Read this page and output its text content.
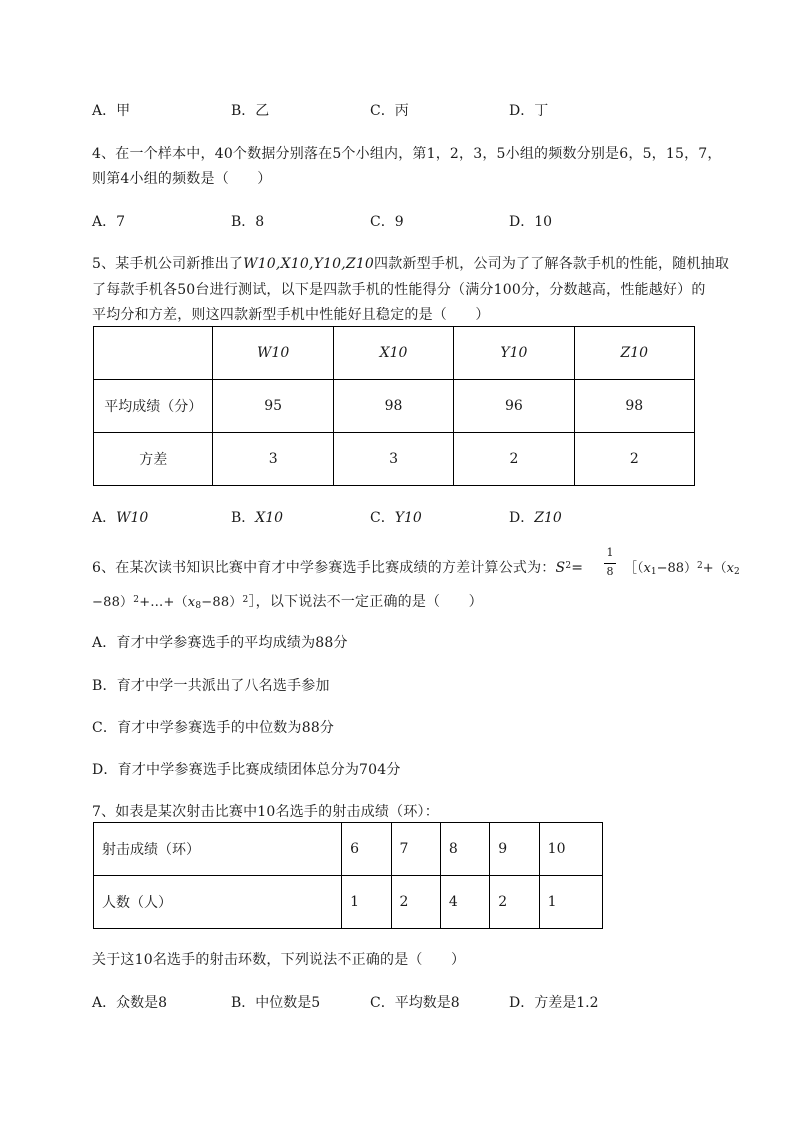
A．甲	B．乙	C．丙	D．丁
4、在一个样本中，40个数据分别落在5个小组内，第1，2，3，5小组的频数分别是6，5，15，7，
则第4小组的频数是（　　）
A．7	B．8	C．9	D．10
5、某手机公司新推出了W10,X10,Y10,Z10四款新型手机，公司为了了解各款手机的性能，随机抽取
了每款手机各50台进行测试，以下是四款手机的性能得分（满分100分，分数越高，性能越好）的
平均分和方差，则这四款新型手机中性能好且稳定的是（　　）
	W10	X10	Y10	Z10
平均成绩（分）	95	98	96	98
方差	3	3	2	2
A．W10	B．X10	C．Y10	D．Z10
6、在某次读书知识比赛中育才中学参赛选手比赛成绩的方差计算公式为：$S^2=$
1
8 $[(x_1-88)^2+(x_2$
$-88)^2+\dots+(x_8-88)^2]$，以下说法不一定正确的是（　　）
A．育才中学参赛选手的平均成绩为88分
B．育才中学一共派出了八名选手参加
C．育才中学参赛选手的中位数为88分
D．育才中学参赛选手比赛成绩团体总分为704分
7、如表是某次射击比赛中10名选手的射击成绩（环）：
射击成绩（环）	6	7	8	9	10
人数（人）	1	2	4	2	1
关于这10名选手的射击环数，下列说法不正确的是（　　）
A．众数是8	B．中位数是5	C．平均数是8	D．方差是1.2
